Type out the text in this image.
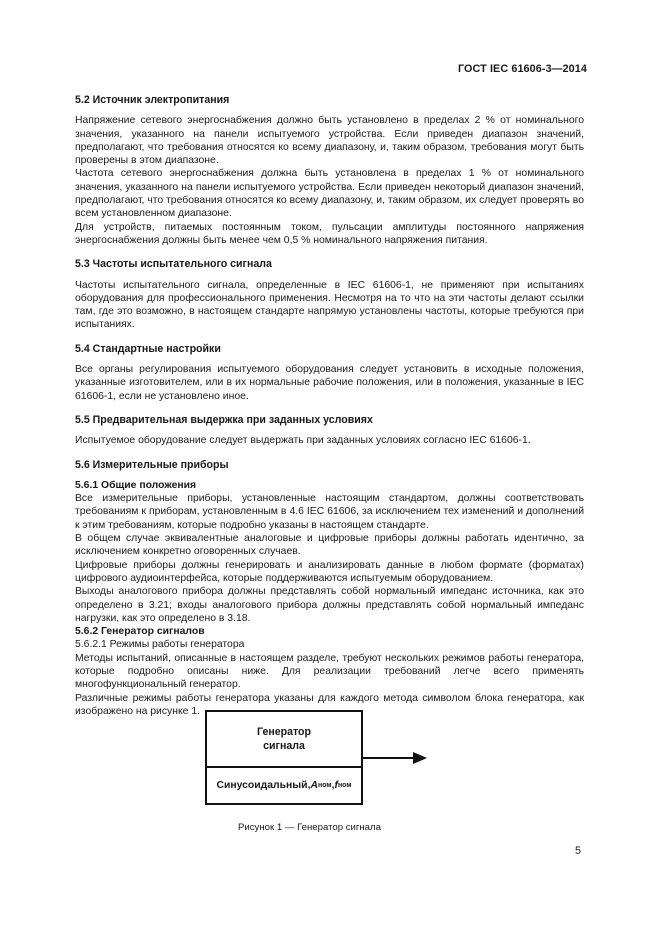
ГОСТ IEC 61606-3—2014
5.2 Источник электропитания

Напряжение сетевого энергоснабжения должно быть установлено в пределах 2 % от номинального значения, указанного на панели испытуемого устройства. Если приведен диапазон значений, предполагают, что требования относятся ко всему диапазону, и, таким образом, требования могут быть проверены в этом диапазоне.

Частота сетевого энергоснабжения должна быть установлена в пределах 1 % от номинального значения, указанного на панели испытуемого устройства. Если приведен некоторый диапазон значений, предполагают, что требования относятся ко всему диапазону, и, таким образом, их следует проверять во всем установленном диапазоне.

Для устройств, питаемых постоянным током, пульсации амплитуды постоянного напряжения энергоснабжения должны быть менее чем 0,5 % номинального напряжения питания.

5.3 Частоты испытательного сигнала

Частоты испытательного сигнала, определенные в IEC 61606-1, не применяют при испытаниях оборудования для профессионального применения. Несмотря на то что на эти частоты делают ссылки там, где это возможно, в настоящем стандарте напрямую установлены частоты, которые требуются при испытаниях.

5.4 Стандартные настройки

Все органы регулирования испытуемого оборудования следует установить в исходные положения, указанные изготовителем, или в их нормальные рабочие положения, или в положения, указанные в IEC 61606-1, если не установлено иное.

5.5 Предварительная выдержка при заданных условиях

Испытуемое оборудование следует выдержать при заданных условиях согласно IEC 61606-1.

5.6 Измерительные приборы
5.6.1 Общие положения

Все измерительные приборы, установленные настоящим стандартом, должны соответствовать требованиям к приборам, установленным в 4.6 IEC 61606, за исключением тех изменений и дополнений к этим требованиям, которые подробно указаны в настоящем стандарте.

В общем случае эквивалентные аналоговые и цифровые приборы должны работать идентично, за исключением конкретно оговоренных случаев.

Цифровые приборы должны генерировать и анализировать данные в любом формате (форматах) цифрового аудиоинтерфейса, которые поддерживаются испытуемым оборудованием.

Выходы аналогового прибора должны представлять собой нормальный импеданс источника, как это определено в 3.21; входы аналогового прибора должны представлять собой нормальный импеданс нагрузки, как это определено в 3.18.

5.6.2 Генератор сигналов

5.6.2.1 Режимы работы генератора

Методы испытаний, описанные в настоящем разделе, требуют нескольких режимов работы генератора, которые подробно описаны ниже. Для реализации требований легче всего применять многофункциональный генератор.

Различные режимы работы генератора указаны для каждого метода символом блока генератора, как изображено на рисунке 1.

Генератор
сигнала
Синусоидальный, A ном , f ном
Рисунок 1 — Генератор сигнала
5
